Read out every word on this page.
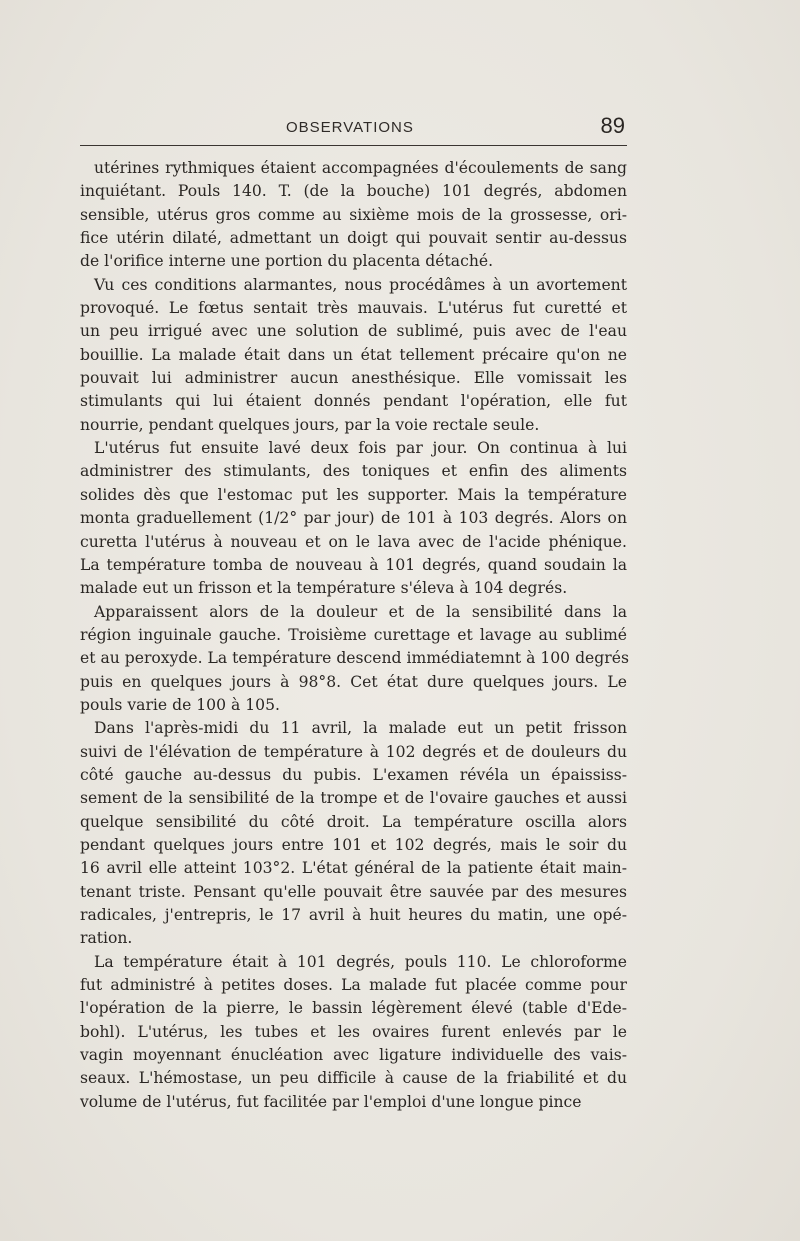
OBSERVATIONS	89
utérines rythmiques étaient accompagnées d'écoulements de sang
inquiétant. Pouls 140. T. (de la bouche) 101 degrés, abdomen
sensible, utérus gros comme au sixième mois de la grossesse, ori-
fice utérin dilaté, admettant un doigt qui pouvait sentir au-dessus
de l'orifice interne une portion du placenta détaché.
Vu ces conditions alarmantes, nous procédâmes à un avortement
provoqué. Le fœtus sentait très mauvais. L'utérus fut curetté et
un peu irrigué avec une solution de sublimé, puis avec de l'eau
bouillie. La malade était dans un état tellement précaire qu'on ne
pouvait lui administrer aucun anesthésique. Elle vomissait les
stimulants qui lui étaient donnés pendant l'opération, elle fut
nourrie, pendant quelques jours, par la voie rectale seule.
L'utérus fut ensuite lavé deux fois par jour. On continua à lui
administrer des stimulants, des toniques et enfin des aliments
solides dès que l'estomac put les supporter. Mais la température
monta graduellement (1/2° par jour) de 101 à 103 degrés. Alors on
curetta l'utérus à nouveau et on le lava avec de l'acide phénique.
La température tomba de nouveau à 101 degrés, quand soudain la
malade eut un frisson et la température s'éleva à 104 degrés.
Apparaissent alors de la douleur et de la sensibilité dans la
région inguinale gauche. Troisième curettage et lavage au sublimé
et au peroxyde. La température descend immédiatemnt à 100 degrés
puis en quelques jours à 98°8. Cet état dure quelques jours. Le
pouls varie de 100 à 105.
Dans l'après-midi du 11 avril, la malade eut un petit frisson
suivi de l'élévation de température à 102 degrés et de douleurs du
côté gauche au-dessus du pubis. L'examen révéla un épaississ-
sement de la sensibilité de la trompe et de l'ovaire gauches et aussi
quelque sensibilité du côté droit. La température oscilla alors
pendant quelques jours entre 101 et 102 degrés, mais le soir du
16 avril elle atteint 103°2. L'état général de la patiente était main-
tenant triste. Pensant qu'elle pouvait être sauvée par des mesures
radicales, j'entrepris, le 17 avril à huit heures du matin, une opé-
ration.
La température était à 101 degrés, pouls 110. Le chloroforme
fut administré à petites doses. La malade fut placée comme pour
l'opération de la pierre, le bassin légèrement élevé (table d'Ede-
bohl). L'utérus, les tubes et les ovaires furent enlevés par le
vagin moyennant énucléation avec ligature individuelle des vais-
seaux. L'hémostase, un peu difficile à cause de la friabilité et du
volume de l'utérus, fut facilitée par l'emploi d'une longue pince
